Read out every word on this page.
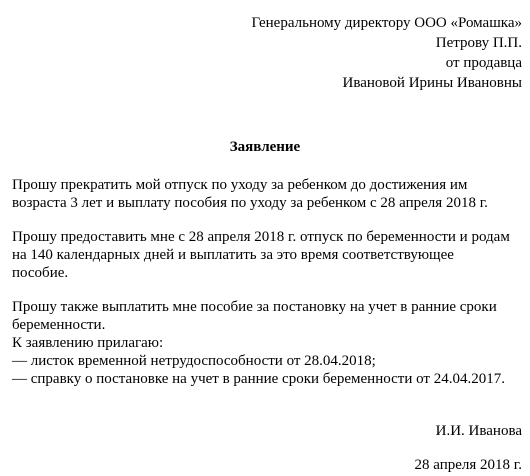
Генеральному директору ООО «Ромашка»
Петрову П.П.
от продавца
Ивановой Ирины Ивановны
Заявление
Прошу прекратить мой отпуск по уходу за ребенком до достижения им
возраста 3 лет и выплату пособия по уходу за ребенком с 28 апреля 2018 г.
Прошу предоставить мне с 28 апреля 2018 г. отпуск по беременности и родам
на 140 календарных дней и выплатить за это время соответствующее
пособие.
Прошу также выплатить мне пособие за постановку на учет в ранние сроки
беременности.
К заявлению прилагаю:
— листок временной нетрудоспособности от 28.04.2018;
— справку о постановке на учет в ранние сроки беременности от 24.04.2017.
И.И. Иванова
28 апреля 2018 г.
